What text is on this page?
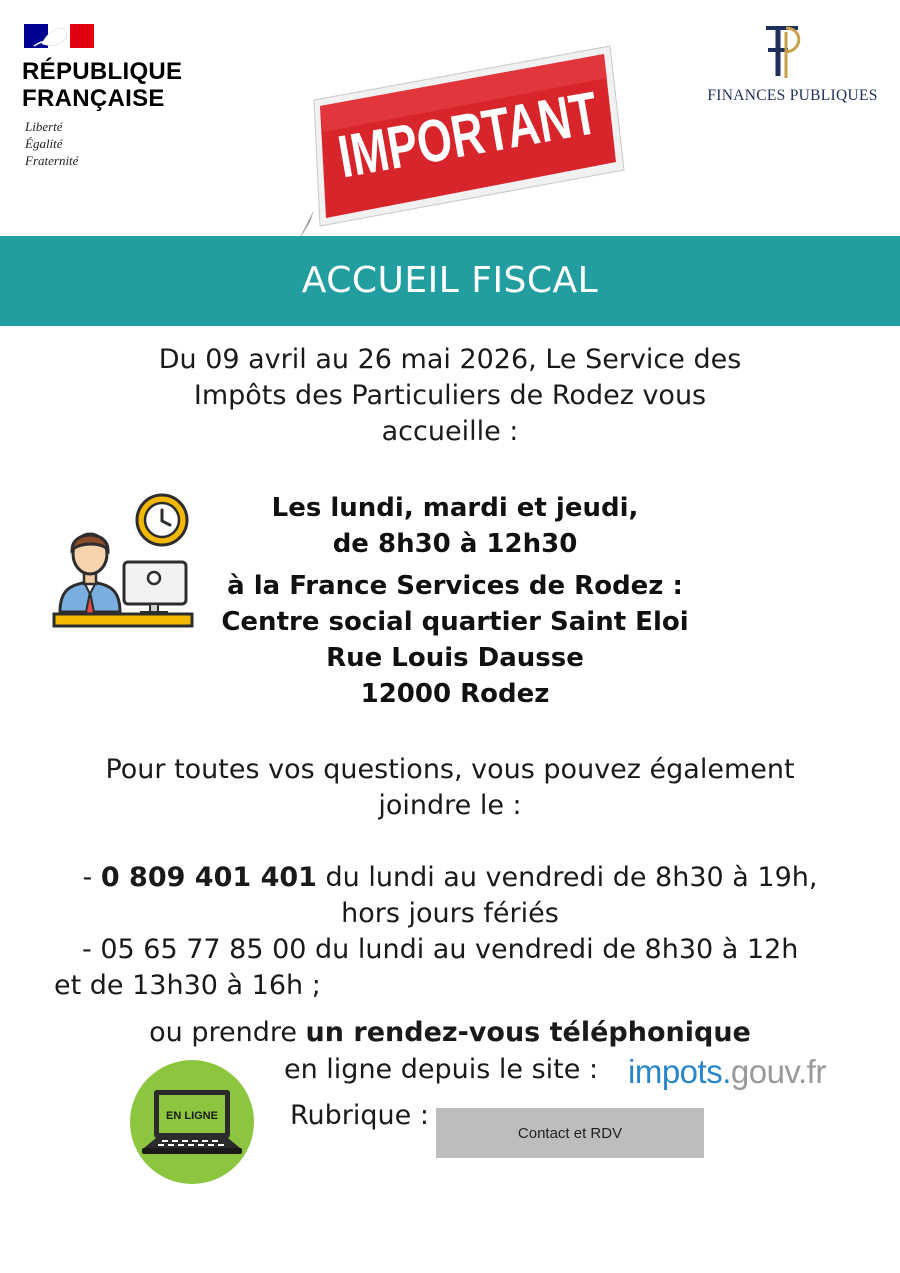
RÉPUBLIQUE
FRANÇAISE
Liberté
Égalité
Fraternité	IMPORTANT	FINANCES PUBLIQUES
ACCUEIL FISCAL
Du 09 avril au 26 mai 2026, Le Service des
Impôts des Particuliers de Rodez vous
accueille :
Les lundi, mardi et jeudi,
de 8h30 à 12h30
à la France Services de Rodez :
Centre social quartier Saint Eloi
Rue Louis Dausse
12000 Rodez
Pour toutes vos questions, vous pouvez également
joindre le :
- 0 809 401 401 du lundi au vendredi de 8h30 à 19h,
hors jours fériés
- 05 65 77 85 00 du lundi au vendredi de 8h30 à 12h
et de 13h30 à 16h ;
ou prendre un rendez-vous téléphonique
en ligne depuis le site : impots.gouv.fr
EN LIGNE	Rubrique :
Contact et RDV
